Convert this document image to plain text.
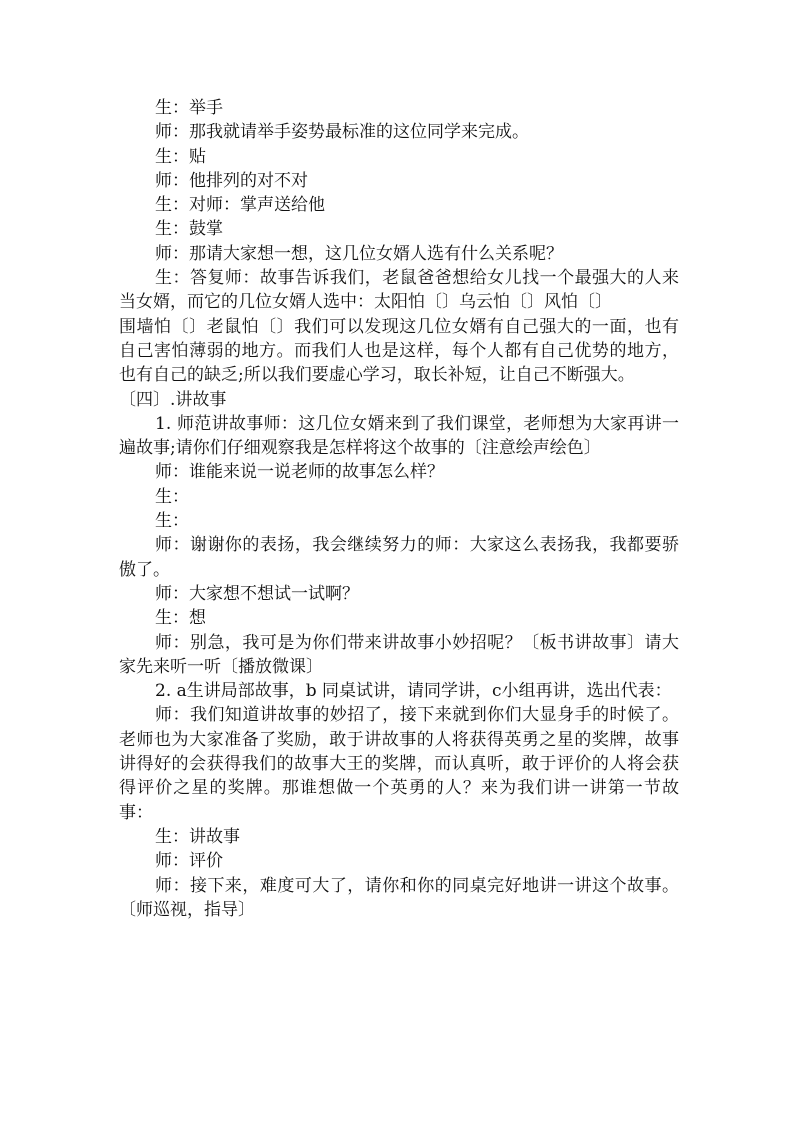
生：举手

师：那我就请举手姿势最标准的这位同学来完成。

生：贴

师：他排列的对不对

生：对师：掌声送给他

生：鼓掌

师：那请大家想一想，这几位女婿人选有什么关系呢？

生：答复师：故事告诉我们，老鼠爸爸想给女儿找一个最强大的人来当女婿，而它的几位女婿人选中：太阳怕〔〕乌云怕〔〕风怕〔〕

围墙怕〔〕老鼠怕〔〕我们可以发现这几位女婿有自己强大的一面，也有自己害怕薄弱的地方。而我们人也是这样，每个人都有自己优势的地方，也有自己的缺乏;所以我们要虚心学习，取长补短，让自己不断强大。

〔四〕.讲故事

1. 师范讲故事师：这几位女婿来到了我们课堂，老师想为大家再讲一遍故事;请你们仔细观察我是怎样将这个故事的〔注意绘声绘色〕

师：谁能来说一说老师的故事怎么样？

生：

生：

师：谢谢你的表扬，我会继续努力的师：大家这么表扬我，我都要骄傲了。

师：大家想不想试一试啊？

生：想

师：别急，我可是为你们带来讲故事小妙招呢？〔板书讲故事〕请大家先来听一听〔播放微课〕

2. a生讲局部故事，b 同桌试讲，请同学讲，c小组再讲，选出代表：

师：我们知道讲故事的妙招了，接下来就到你们大显身手的时候了。老师也为大家准备了奖励，敢于讲故事的人将获得英勇之星的奖牌，故事讲得好的会获得我们的故事大王的奖牌，而认真听，敢于评价的人将会获得评价之星的奖牌。那谁想做一个英勇的人？来为我们讲一讲第一节故事：

生：讲故事

师：评价

师：接下来，难度可大了，请你和你的同桌完好地讲一讲这个故事。〔师巡视，指导〕
